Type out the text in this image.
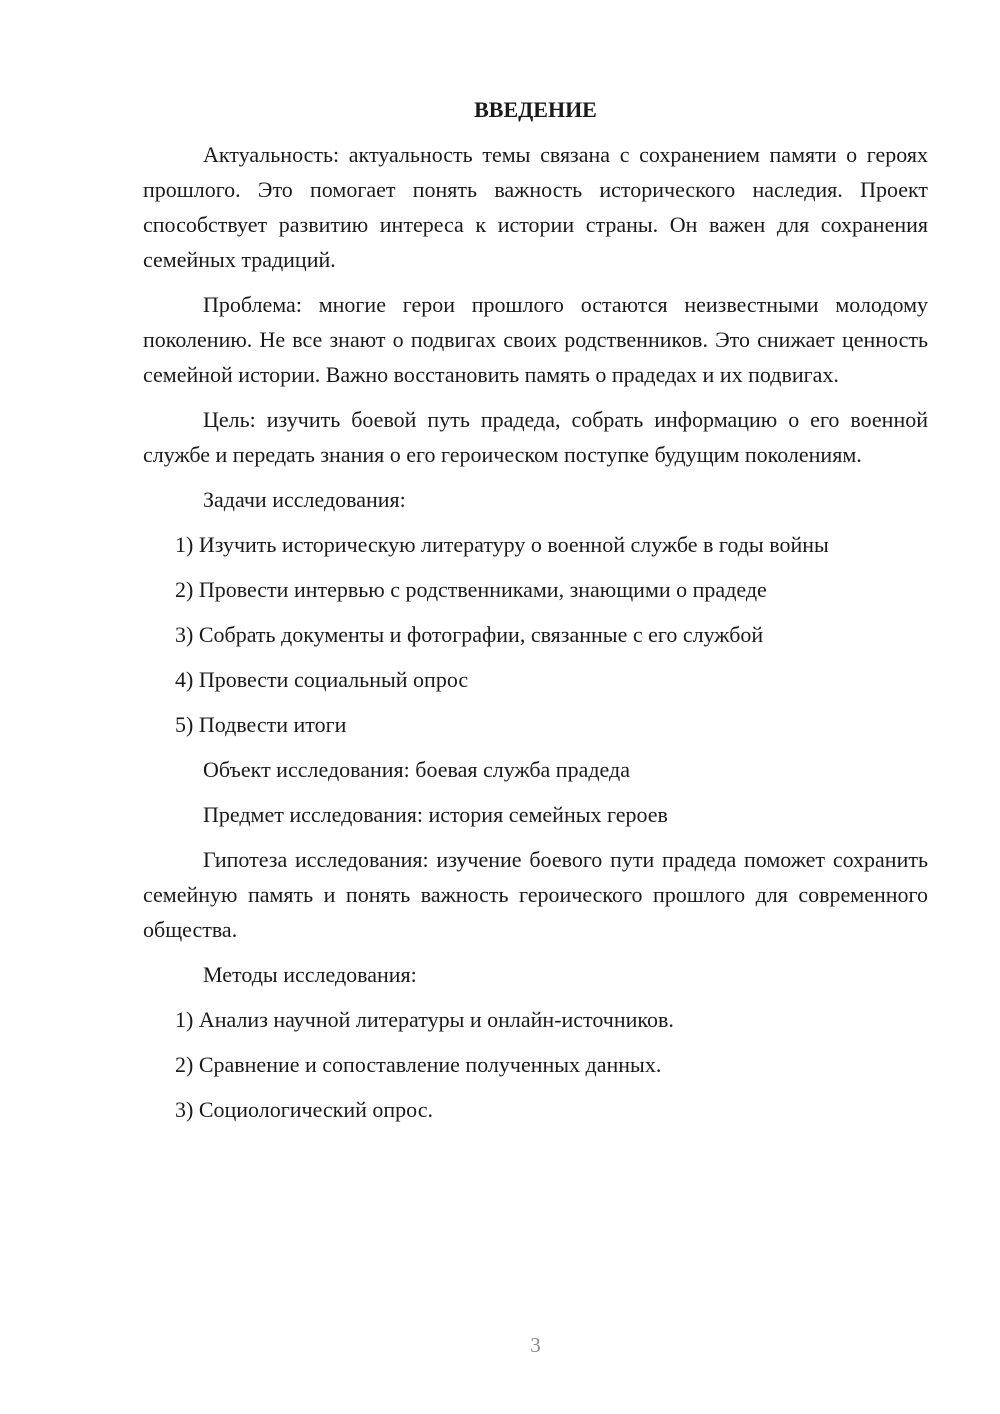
ВВЕДЕНИЕ
Актуальность: актуальность темы связана с сохранением памяти о героях прошлого. Это помогает понять важность исторического наследия. Проект способствует развитию интереса к истории страны. Он важен для сохранения семейных традиций.
Проблема: многие герои прошлого остаются неизвестными молодому поколению. Не все знают о подвигах своих родственников. Это снижает ценность семейной истории. Важно восстановить память о прадедах и их подвигах.
Цель: изучить боевой путь прадеда, собрать информацию о его военной службе и передать знания о его героическом поступке будущим поколениям.
Задачи исследования:
1) Изучить историческую литературу о военной службе в годы войны
2) Провести интервью с родственниками, знающими о прадеде
3) Собрать документы и фотографии, связанные с его службой
4) Провести социальный опрос
5) Подвести итоги
Объект исследования: боевая служба прадеда
Предмет исследования: история семейных героев
Гипотеза исследования: изучение боевого пути прадеда поможет сохранить семейную память и понять важность героического прошлого для современного общества.
Методы исследования:
1) Анализ научной литературы и онлайн-источников.
2) Сравнение и сопоставление полученных данных.
3) Социологический опрос.
3
